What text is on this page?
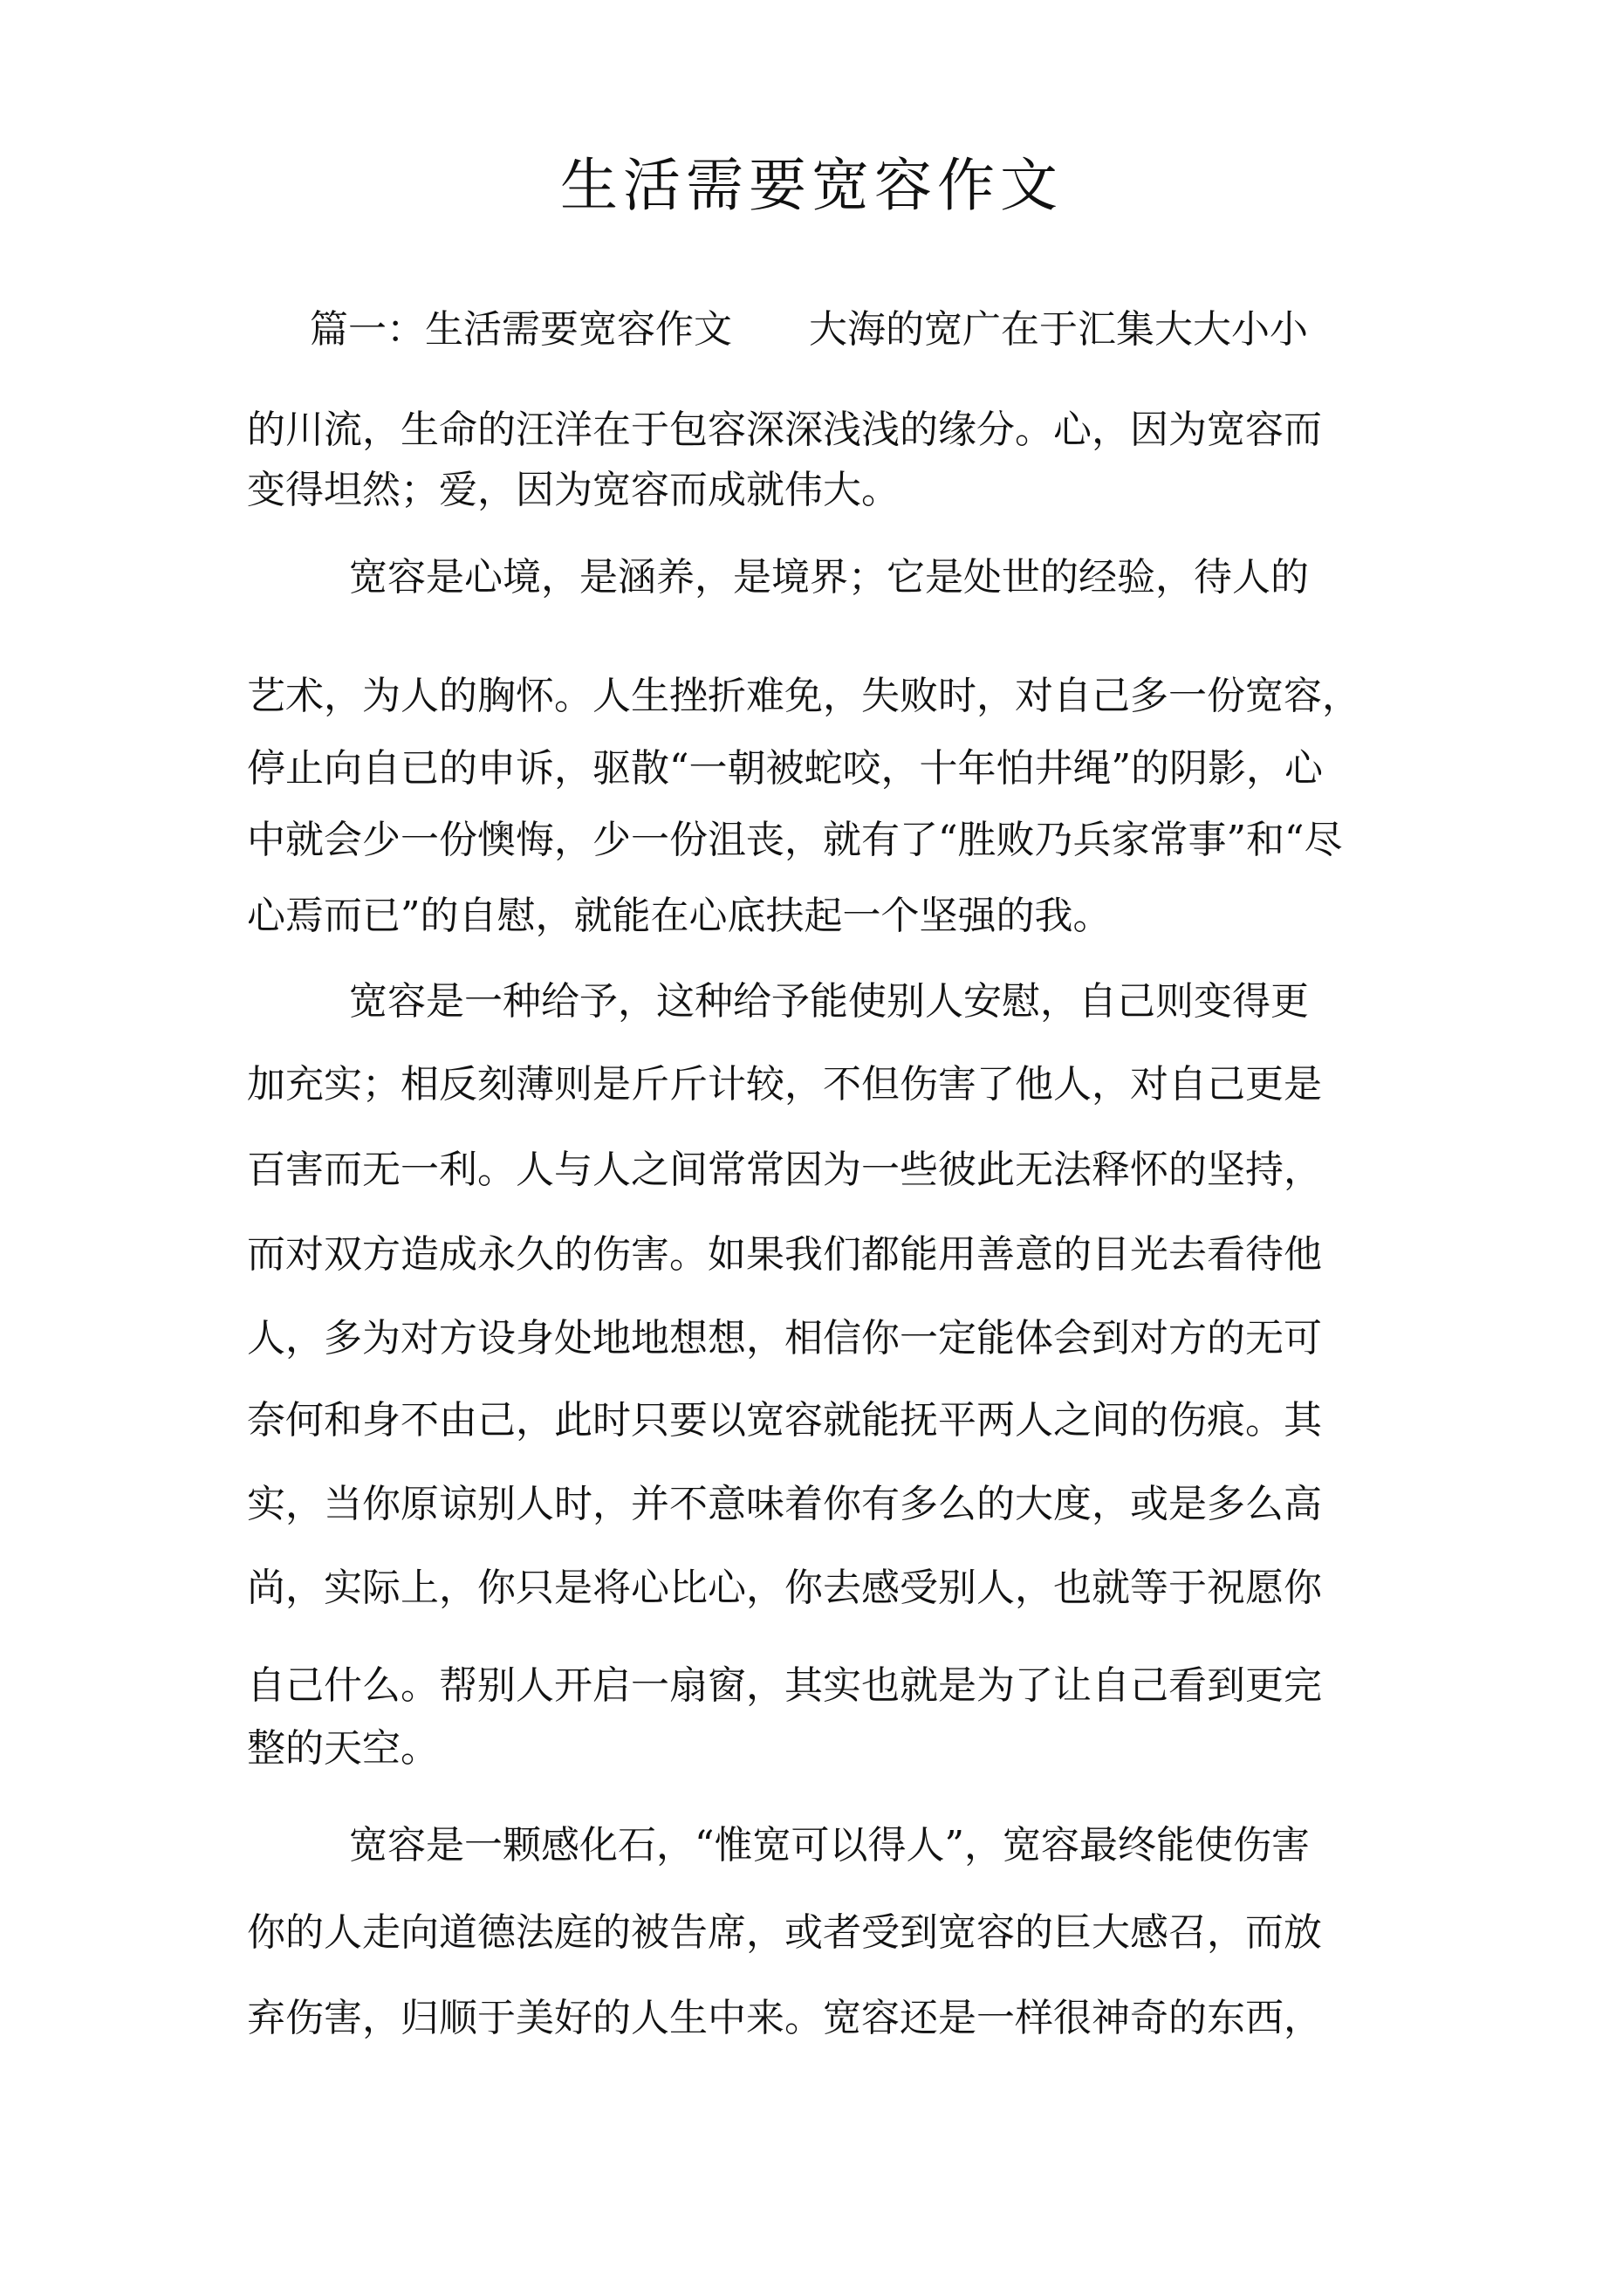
生活需要宽容作文

篇一：生活需要宽容作文　　大海的宽广在于汇集大大小小

的川流，生命的汪洋在于包容深深浅浅的缘分。心，因为宽容而

变得坦然；爱，因为宽容而成就伟大。

宽容是心境，是涵养，是境界；它是处世的经验，待人的

艺术，为人的胸怀。人生挫折难免，失败时，对自己多一份宽容，

停止向自已的申诉，驱散“一朝被蛇咬，十年怕井绳”的阴影，心

中就会少一份懊悔，少一份沮丧，就有了“胜败乃兵家常事”和“尽

心焉而已”的自慰，就能在心底扶起一个坚强的我。

宽容是一种给予，这种给予能使别人安慰，自己则变得更

加充实；相反刻薄则是斤斤计较，不但伤害了他人，对自己更是

百害而无一利。人与人之间常常因为一些彼此无法释怀的坚持，

而对双方造成永久的伤害。如果我们都能用善意的目光去看待他

人，多为对方设身处地地想想，相信你一定能体会到对方的无可

奈何和身不由己，此时只要以宽容就能抚平两人之间的伤痕。其

实，当你原谅别人时，并不意味着你有多么的大度，或是多么高

尚，实际上，你只是将心比心，你去感受别人，也就等于祝愿你

自己什么。帮别人开启一扇窗，其实也就是为了让自己看到更完

整的天空。

宽容是一颗感化石，“惟宽可以得人”，宽容最终能使伤害

你的人走向道德法庭的被告席，或者受到宽容的巨大感召，而放

弃伤害，归顺于美好的人生中来。宽容还是一样很神奇的东西，
